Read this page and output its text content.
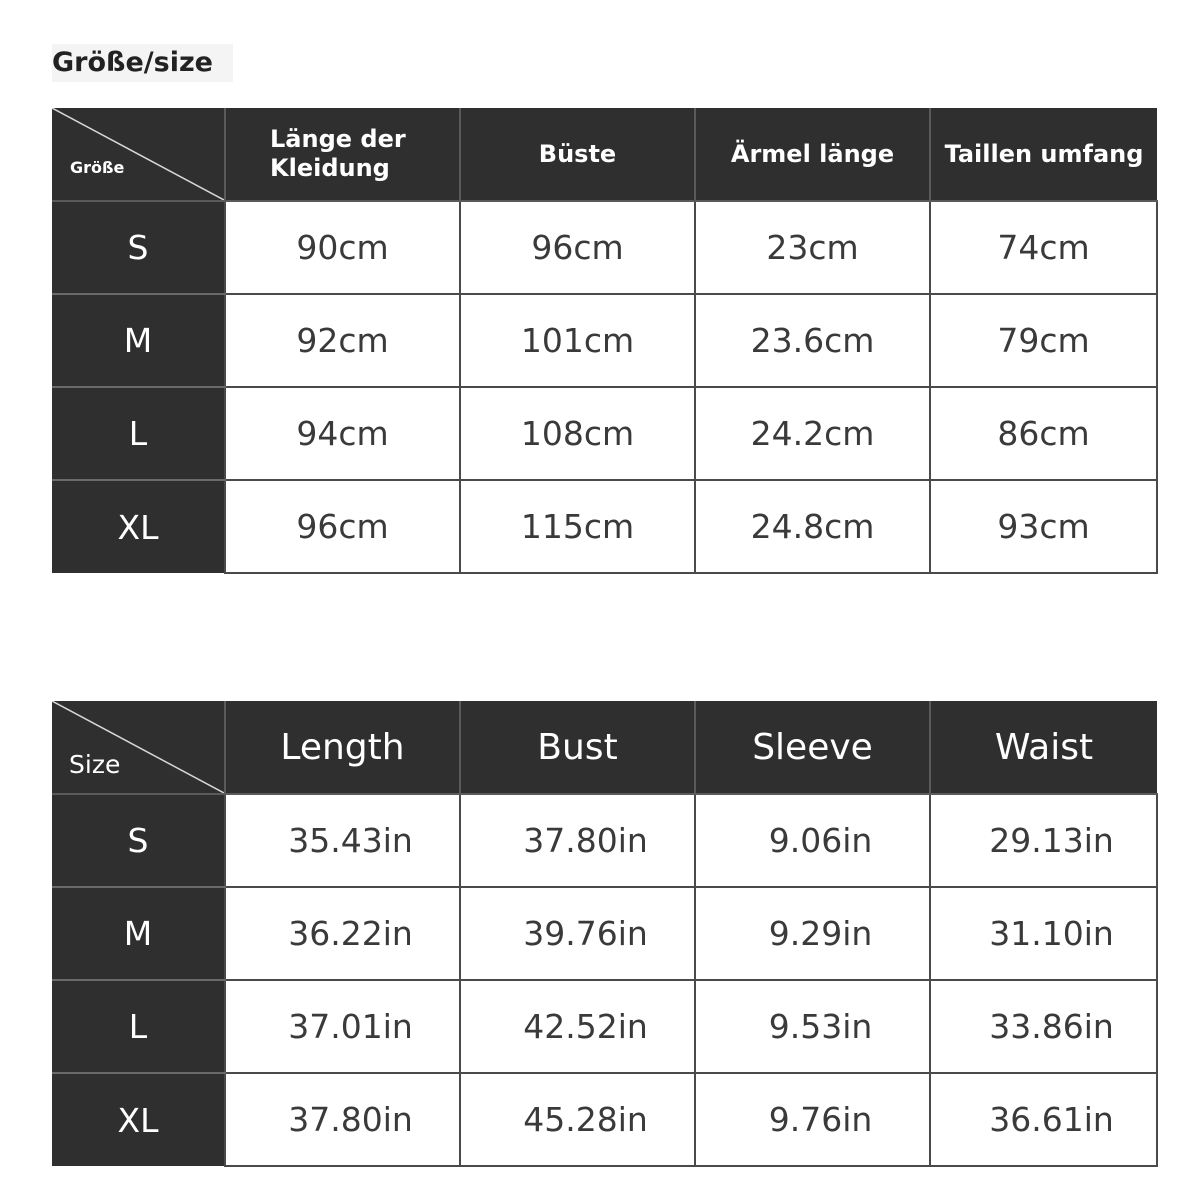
Größe/size
Größe	Länge der Kleidung	Büste	Ärmel länge	Taillen umfang
S	90cm	96cm	23cm	74cm
M	92cm	101cm	23.6cm	79cm
L	94cm	108cm	24.2cm	86cm
XL	96cm	115cm	24.8cm	93cm
Size	Length	Bust	Sleeve	Waist
S	35.43in	37.80in	9.06in	29.13in
M	36.22in	39.76in	9.29in	31.10in
L	37.01in	42.52in	9.53in	33.86in
XL	37.80in	45.28in	9.76in	36.61in
